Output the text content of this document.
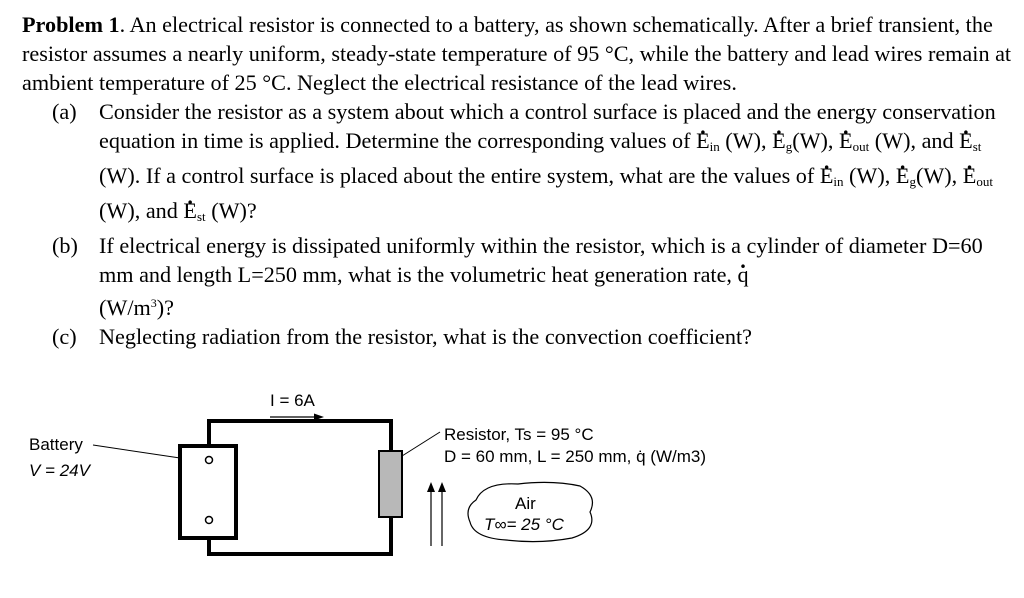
Problem 1. An electrical resistor is connected to a battery, as shown schematically. After a brief transient, the resistor assumes a nearly uniform, steady-state temperature of 95 °C, while the battery and lead wires remain at ambient temperature of 25 °C. Neglect the electrical resistance of the lead wires.

(a) Consider the resistor as a system about which a control surface is placed and the energy conservation equation in time is applied. Determine the corresponding values of . $E_{in}$ (W), . $E_g(W)$, . $E_{out}$ (W), and . $E_{st}$ (W). If a control surface is placed about the entire system, what are the values of . $E_{in}$ (W), . $E_g(W)$, . $E_{out}$ (W), and . $E_{st}$ (W)?

(b) If electrical energy is dissipated uniformly within the resistor, which is a cylinder of diameter D=60 mm and length L=250 mm, what is the volumetric heat generation rate, . q
$(W/m^3)$?

(c) Neglecting radiation from the resistor, what is the convection coefficient?

I = 6A
Battery
V = 24V
Resistor, Ts = 95 °C
D = 60 mm, L = 250 mm, q̇ (W/m3)
Air
T∞= 25 °C
